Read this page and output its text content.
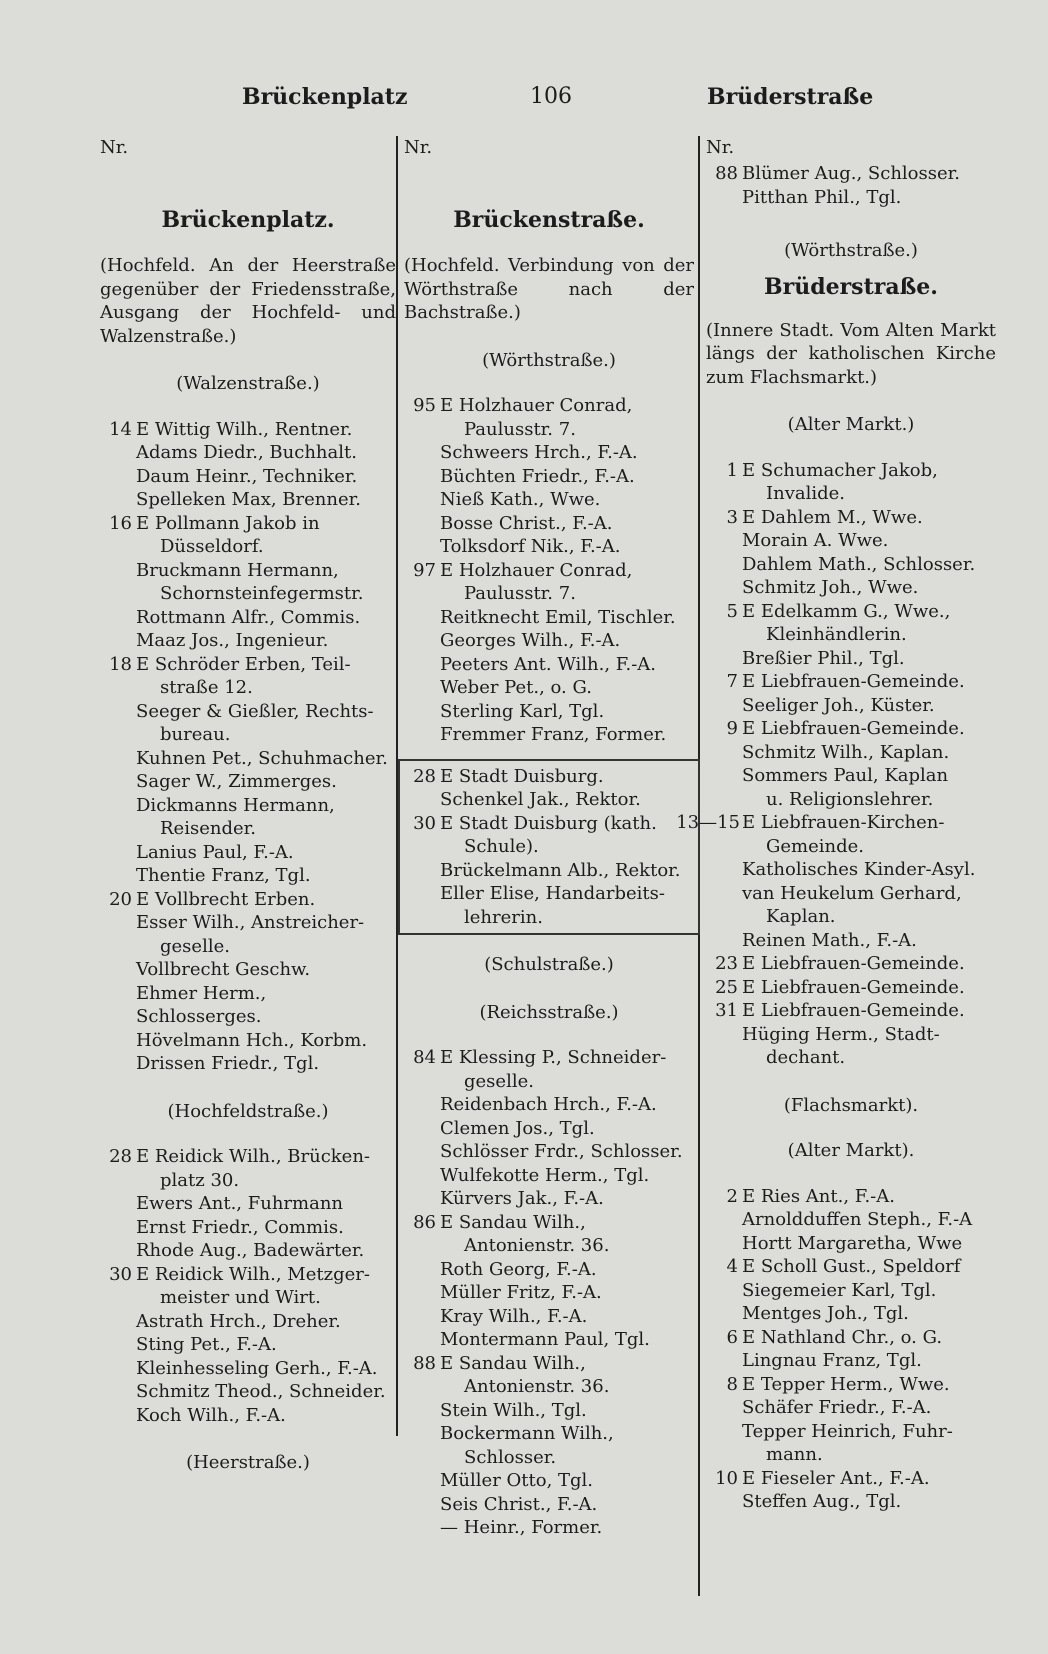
Brückenplatz	106	Brüderstraße
Nr.
Brückenplatz.
(Hochfeld. An der Heerstraße gegenüber der Friedensstraße, Ausgang der Hochfeld- und Walzenstraße.)
(Walzenstraße.)
14 E Wittig Wilh., Rentner.
Adams Diedr., Buchhalt.
Daum Heinr., Techniker.
Spelleken Max, Brenner.
16 E Pollmann Jakob in
Düsseldorf.
Bruckmann Hermann,
Schornsteinfegermstr.
Rottmann Alfr., Commis.
Maaz Jos., Ingenieur.
18 E Schröder Erben, Teil-
straße 12.
Seeger & Gießler, Rechts-
bureau.
Kuhnen Pet., Schuhmacher.
Sager W., Zimmerges.
Dickmanns Hermann,
Reisender.
Lanius Paul, F.-A.
Thentie Franz, Tgl.
20 E Vollbrecht Erben.
Esser Wilh., Anstreicher-
geselle.
Vollbrecht Geschw.
Ehmer Herm., Schlosserges.
Hövelmann Hch., Korbm.
Drissen Friedr., Tgl.
(Hochfeldstraße.)
28 E Reidick Wilh., Brücken-
platz 30.
Ewers Ant., Fuhrmann
Ernst Friedr., Commis.
Rhode Aug., Badewärter.
30 E Reidick Wilh., Metzger-
meister und Wirt.
Astrath Hrch., Dreher.
Sting Pet., F.-A.
Kleinhesseling Gerh., F.-A.
Schmitz Theod., Schneider.
Koch Wilh., F.-A.
(Heerstraße.)
Nr.
Brückenstraße.
(Hochfeld. Verbindung von der Wörthstraße nach der Bachstraße.)
(Wörthstraße.)
95 E Holzhauer Conrad,
Paulusstr. 7.
Schweers Hrch., F.-A.
Büchten Friedr., F.-A.
Nieß Kath., Wwe.
Bosse Christ., F.-A.
Tolksdorf Nik., F.-A.
97 E Holzhauer Conrad,
Paulusstr. 7.
Reitknecht Emil, Tischler.
Georges Wilh., F.-A.
Peeters Ant. Wilh., F.-A.
Weber Pet., o. G.
Sterling Karl, Tgl.
Fremmer Franz, Former.
28 E Stadt Duisburg.
Schenkel Jak., Rektor.
30 E Stadt Duisburg (kath.
Schule).
Brückelmann Alb., Rektor.
Eller Elise, Handarbeits-
lehrerin.
(Schulstraße.)
(Reichsstraße.)
84 E Klessing P., Schneider-
geselle.
Reidenbach Hrch., F.-A.
Clemen Jos., Tgl.
Schlösser Frdr., Schlosser.
Wulfekotte Herm., Tgl.
Kürvers Jak., F.-A.
86 E Sandau Wilh.,
Antonienstr. 36.
Roth Georg, F.-A.
Müller Fritz, F.-A.
Kray Wilh., F.-A.
Montermann Paul, Tgl.
88 E Sandau Wilh.,
Antonienstr. 36.
Stein Wilh., Tgl.
Bockermann Wilh.,
Schlosser.
Müller Otto, Tgl.
Seis Christ., F.-A.
— Heinr., Former.
Nr.
88 Blümer Aug., Schlosser.
Pitthan Phil., Tgl.
(Wörthstraße.)
Brüderstraße.
(Innere Stadt. Vom Alten Markt längs der katholischen Kirche zum Flachsmarkt.)
(Alter Markt.)
1 E Schumacher Jakob,
Invalide.
3 E Dahlem M., Wwe.
Morain A. Wwe.
Dahlem Math., Schlosser.
Schmitz Joh., Wwe.
5 E Edelkamm G., Wwe.,
Kleinhändlerin.
Breßier Phil., Tgl.
7 E Liebfrauen-Gemeinde.
Seeliger Joh., Küster.
9 E Liebfrauen-Gemeinde.
Schmitz Wilh., Kaplan.
Sommers Paul, Kaplan
u. Religionslehrer.
13—15 E Liebfrauen-Kirchen-
Gemeinde.
Katholisches Kinder-Asyl.
van Heukelum Gerhard,
Kaplan.
Reinen Math., F.-A.
23 E Liebfrauen-Gemeinde.
25 E Liebfrauen-Gemeinde.
31 E Liebfrauen-Gemeinde.
Hüging Herm., Stadt-
dechant.
(Flachsmarkt).
(Alter Markt).
2 E Ries Ant., F.-A.
Arnoldduffen Steph., F.-A
Hortt Margaretha, Wwe
4 E Scholl Gust., Speldorf
Siegemeier Karl, Tgl.
Mentges Joh., Tgl.
6 E Nathland Chr., o. G.
Lingnau Franz, Tgl.
8 E Tepper Herm., Wwe.
Schäfer Friedr., F.-A.
Tepper Heinrich, Fuhr-
mann.
10 E Fieseler Ant., F.-A.
Steffen Aug., Tgl.
